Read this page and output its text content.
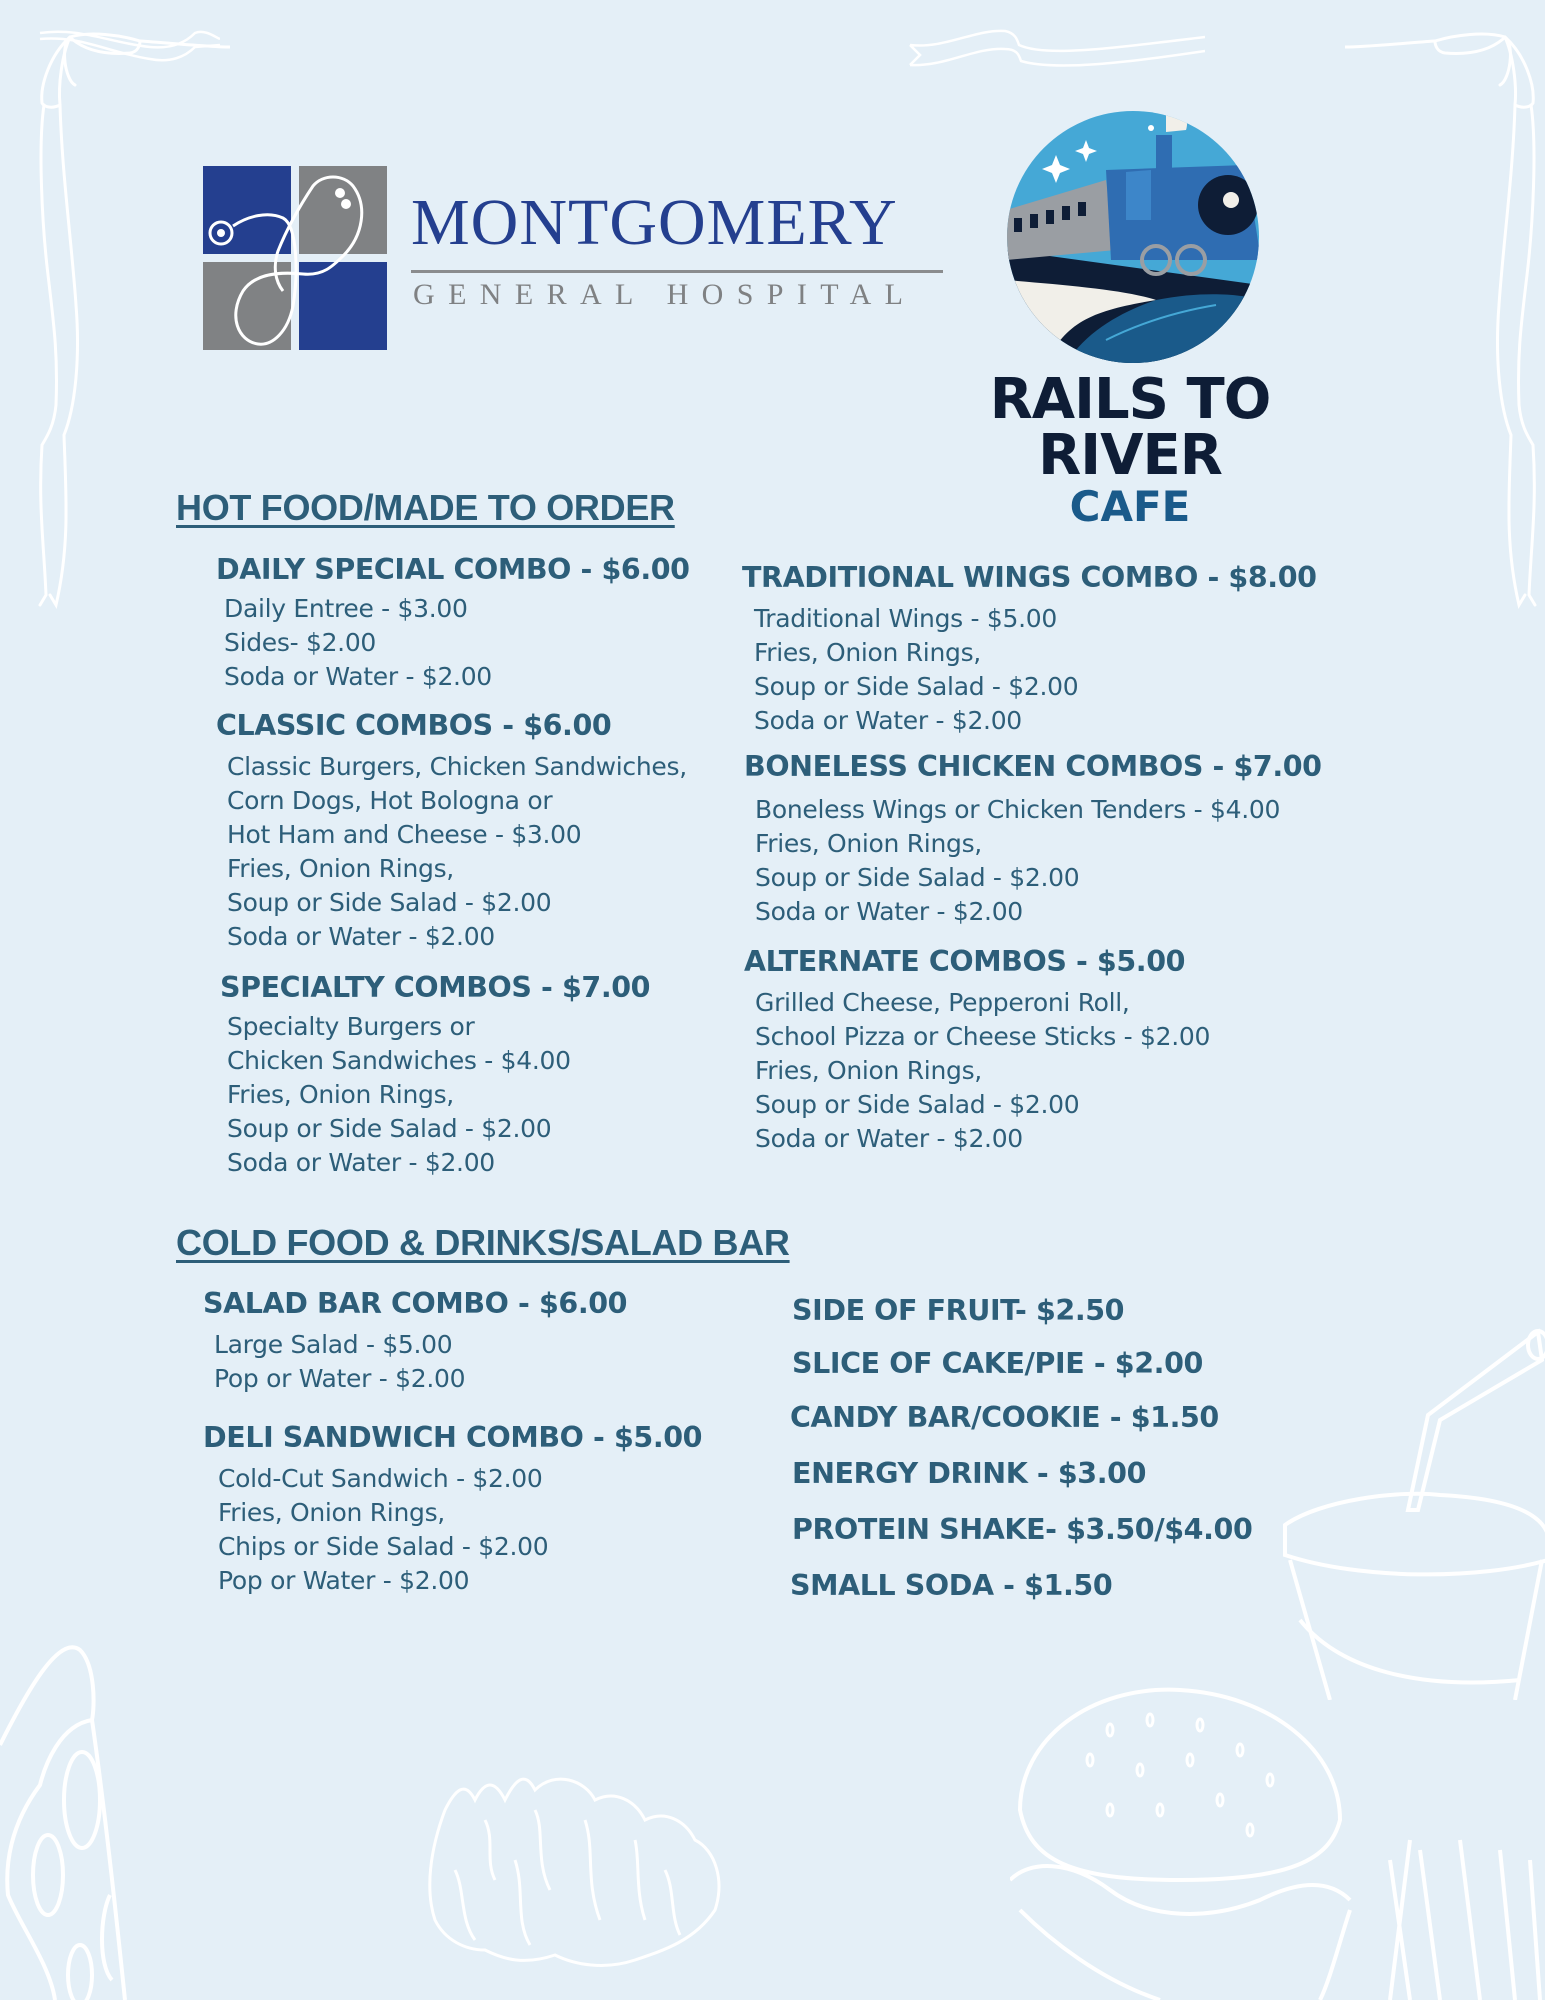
MONTGOMERY
GENERAL HOSPITAL
RAILS TO
RIVER
CAFE
HOT FOOD/MADE TO ORDER
DAILY SPECIAL COMBO - $6.00
Daily Entree - $3.00
Sides- $2.00
Soda or Water - $2.00
CLASSIC COMBOS - $6.00
Classic Burgers, Chicken Sandwiches,
Corn Dogs, Hot Bologna or
Hot Ham and Cheese - $3.00
Fries, Onion Rings,
Soup or Side Salad - $2.00
Soda or Water - $2.00
SPECIALTY COMBOS - $7.00
Specialty Burgers or
Chicken Sandwiches - $4.00
Fries, Onion Rings,
Soup or Side Salad - $2.00
Soda or Water - $2.00
TRADITIONAL WINGS COMBO - $8.00
Traditional Wings - $5.00
Fries, Onion Rings,
Soup or Side Salad - $2.00
Soda or Water - $2.00
BONELESS CHICKEN COMBOS - $7.00
Boneless Wings or Chicken Tenders - $4.00
Fries, Onion Rings,
Soup or Side Salad - $2.00
Soda or Water - $2.00
ALTERNATE COMBOS - $5.00
Grilled Cheese, Pepperoni Roll,
School Pizza or Cheese Sticks - $2.00
Fries, Onion Rings,
Soup or Side Salad - $2.00
Soda or Water - $2.00
COLD FOOD & DRINKS/SALAD BAR
SALAD BAR COMBO - $6.00
Large Salad - $5.00
Pop or Water - $2.00
DELI SANDWICH COMBO - $5.00
Cold-Cut Sandwich - $2.00
Fries, Onion Rings,
Chips or Side Salad - $2.00
Pop or Water - $2.00
SIDE OF FRUIT- $2.50
SLICE OF CAKE/PIE - $2.00
CANDY BAR/COOKIE - $1.50
ENERGY DRINK - $3.00
PROTEIN SHAKE- $3.50/$4.00
SMALL SODA - $1.50
